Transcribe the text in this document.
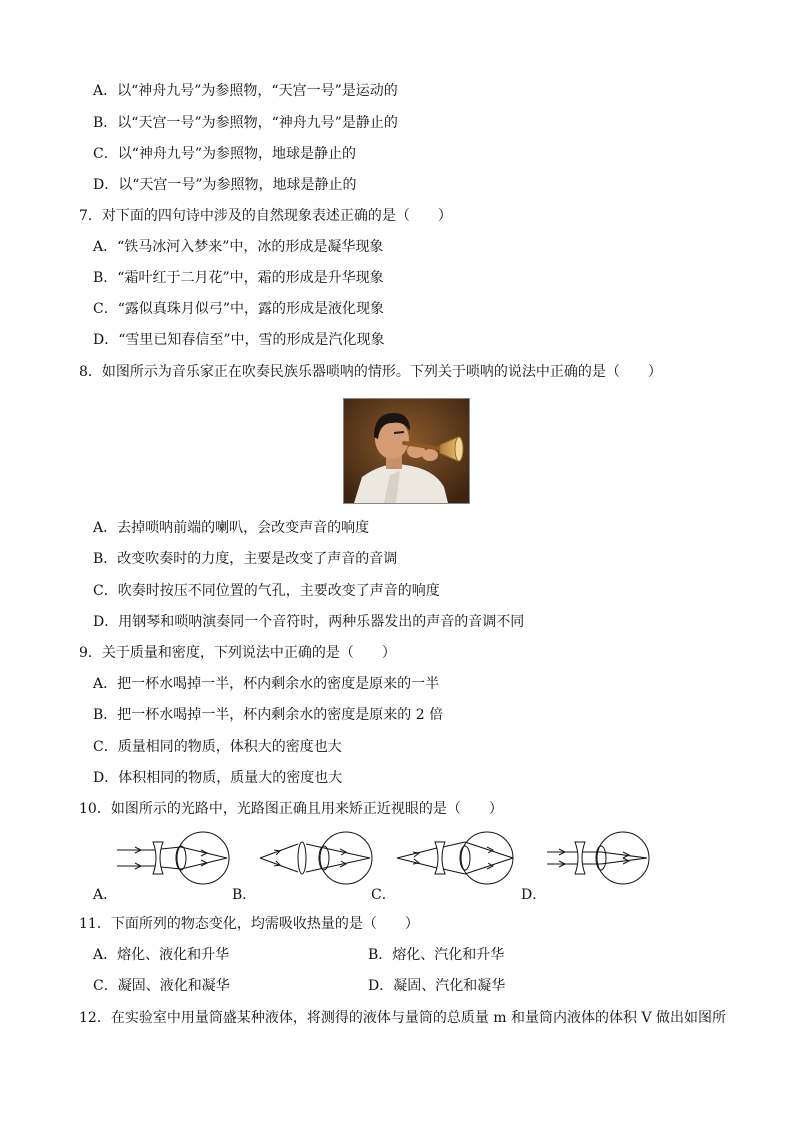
A．以“神舟九号”为参照物，“天宫一号”是运动的
B．以“天宫一号”为参照物，“神舟九号”是静止的
C．以“神舟九号”为参照物，地球是静止的
D．以“天宫一号”为参照物，地球是静止的
7．对下面的四句诗中涉及的自然现象表述正确的是（　　）
A．“铁马冰河入梦来”中，冰的形成是凝华现象
B．“霜叶红于二月花”中，霜的形成是升华现象
C．“露似真珠月似弓”中，露的形成是液化现象
D．“雪里已知春信至”中，雪的形成是汽化现象
8．如图所示为音乐家正在吹奏民族乐器唢呐的情形。下列关于唢呐的说法中正确的是（　　）
A．去掉唢呐前端的喇叭，会改变声音的响度
B．改变吹奏时的力度，主要是改变了声音的音调
C．吹奏时按压不同位置的气孔，主要改变了声音的响度
D．用钢琴和唢呐演奏同一个音符时，两种乐器发出的声音的音调不同
9．关于质量和密度，下列说法中正确的是（　　）
A．把一杯水喝掉一半，杯内剩余水的密度是原来的一半
B．把一杯水喝掉一半，杯内剩余水的密度是原来的 2 倍
C．质量相同的物质，体积大的密度也大
D．体积相同的物质，质量大的密度也大
10．如图所示的光路中，光路图正确且用来矫正近视眼的是（　　）
A．	B．	C．	D．
11．下面所列的物态变化，均需吸收热量的是（　　）
A．熔化、液化和升华	B．熔化、汽化和升华
C．凝固、液化和凝华	D．凝固、汽化和凝华
12．在实验室中用量筒盛某种液体，将测得的液体与量筒的总质量 m 和量筒内液体的体积 V 做出如图所
